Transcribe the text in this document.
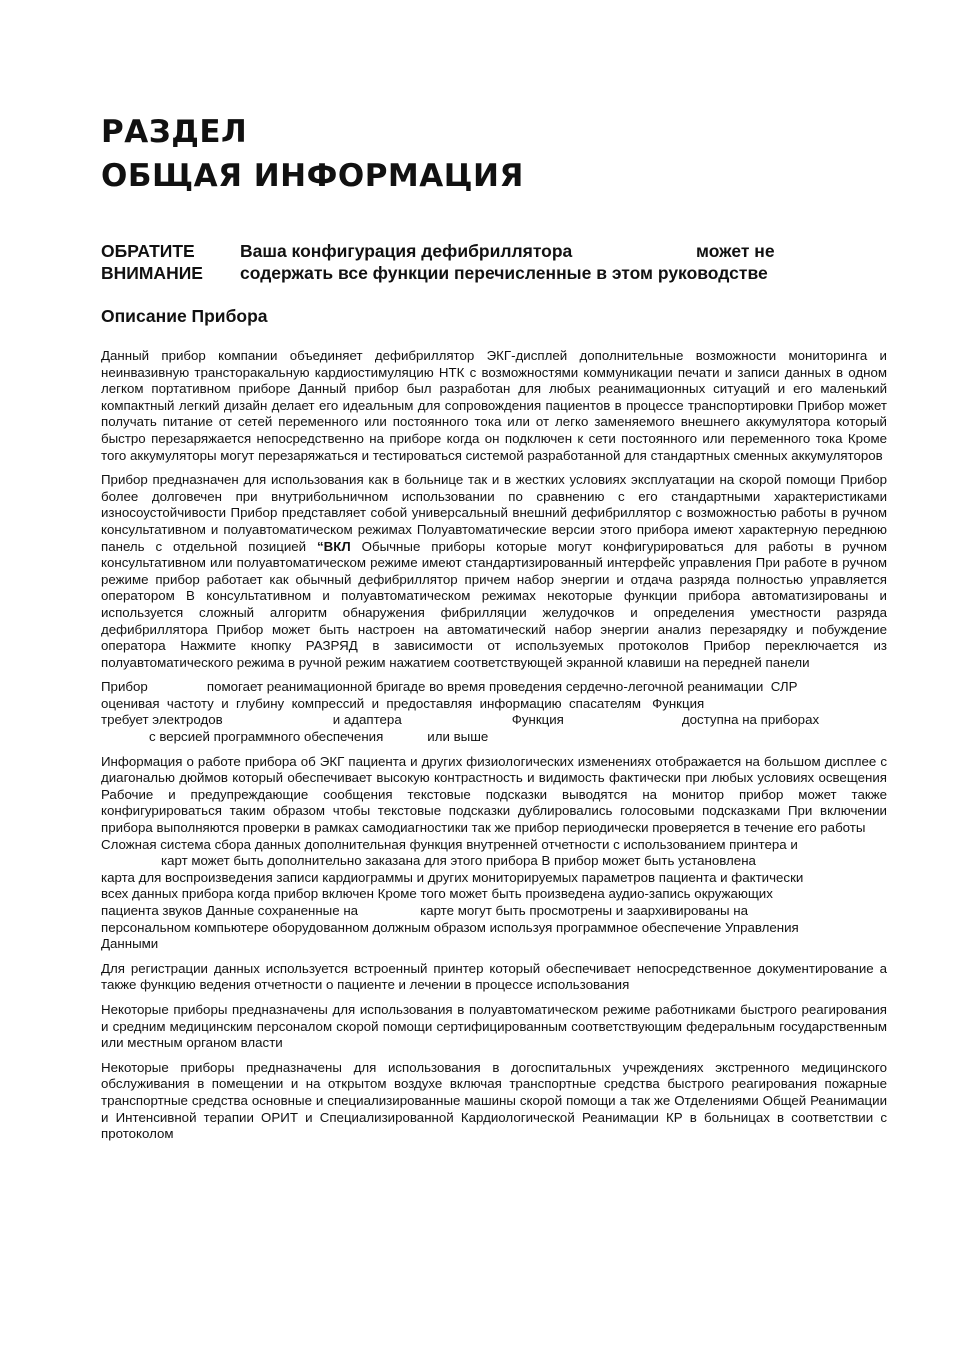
РАЗДЕЛ
ОБЩАЯ ИНФОРМАЦИЯ
ОБРАТИТЕ	Ваша конфигурация дефибриллятора	может не
ВНИМАНИЕ содержать все функции перечисленные в этом руководстве
Описание Прибора

Данный прибор компании объединяет дефибриллятор ЭКГ-дисплей дополнительные возможности мониторинга и неинвазивную трансторакальную кардиостимуляцию НТК с возможностями коммуникации печати и записи данных в одном легком портативном приборе Данный прибор был разработан для любых реанимационных ситуаций и его маленький компактный легкий дизайн делает его идеальным для сопровождения пациентов в процессе транспортировки Прибор может получать питание от сетей переменного или постоянного тока или от легко заменяемого внешнего аккумулятора который быстро перезаряжается непосредственно на приборе когда он подключен к сети постоянного или переменного тока Кроме того аккумуляторы могут перезаряжаться и тестироваться системой разработанной для стандартных сменных аккумуляторов

Прибор предназначен для использования как в больнице так и в жестких условиях эксплуатации на скорой помощи Прибор более долговечен при внутрибольничном использовании по сравнению с его стандартными характеристиками износоустойчивости Прибор представляет собой универсальный внешний дефибриллятор с возможностью работы в ручном консультативном и полуавтоматическом режимах Полуавтоматические версии этого прибора имеют характерную переднюю панель с отдельной позицией “ВКЛ Обычные приборы которые могут конфигурироваться для работы в ручном консультативном или полуавтоматическом режиме имеют стандартизированный интерфейс управления При работе в ручном режиме прибор работает как обычный дефибриллятор причем набор энергии и отдача разряда полностью управляется оператором В консультативном и полуавтоматическом режимах некоторые функции прибора автоматизированы и используется сложный алгоритм обнаружения фибрилляции желудочков и определения уместности разряда дефибриллятора Прибор может быть настроен на автоматический набор энергии анализ перезарядку и побуждение оператора Нажмите кнопку РАЗРЯД в зависимости от используемых протоколов Прибор переключается из полуавтоматического режима в ручной режим нажатием соответствующей экранной клавиши на передней панели

Прибор                помогает реанимационной бригаде во время проведения сердечно-легочной реанимации  СЛР
оценивая  частоту  и  глубину  компрессий  и  предоставляя  информацию  спасателям   Функция
требует электродов	и адаптера	Функция	доступна на приборах
с версией программного обеспечения	или выше

Информация о работе прибора об ЭКГ пациента и других физиологических изменениях отображается на большом дисплее с диагональю дюймов который обеспечивает высокую контрастность и видимость фактически при любых условиях освещения Рабочие и предупреждающие сообщения текстовые подсказки выводятся на монитор прибор может также конфигурироваться таким образом чтобы текстовые подсказки дублировались голосовыми подсказками При включении прибора выполняются проверки в рамках самодиагностики так же прибор периодически проверяется в течение его работы

Сложная система сбора данных дополнительная функция внутренней отчетности с использованием принтера и
карт может быть дополнительно заказана для этого прибора В прибор может быть установлена
карта для воспроизведения записи кардиограммы и других мониторируемых параметров пациента и фактически
всех данных прибора когда прибор включен Кроме того может быть произведена аудио-запись окружающих
пациента звуков Данные сохраненные на	карте могут быть просмотрены и заархивированы на
персональном компьютере оборудованном должным образом используя программное обеспечение Управления
Данными

Для регистрации данных используется встроенный принтер который обеспечивает непосредственное документирование а также функцию ведения отчетности о пациенте и лечении в процессе использования

Некоторые приборы предназначены для использования в полуавтоматическом режиме работниками быстрого реагирования и средним медицинским персоналом скорой помощи сертифицированным соответствующим федеральным государственным или местным органом власти

Некоторые приборы предназначены для использования в догоспитальных учреждениях экстренного медицинского обслуживания в помещении и на открытом воздухе включая транспортные средства быстрого реагирования пожарные транспортные средства основные и специализированные машины скорой помощи а так же Отделениями Общей Реанимации и Интенсивной терапии ОРИТ и Специализированной Кардиологической Реанимации КР в больницах в соответствии с протоколом
